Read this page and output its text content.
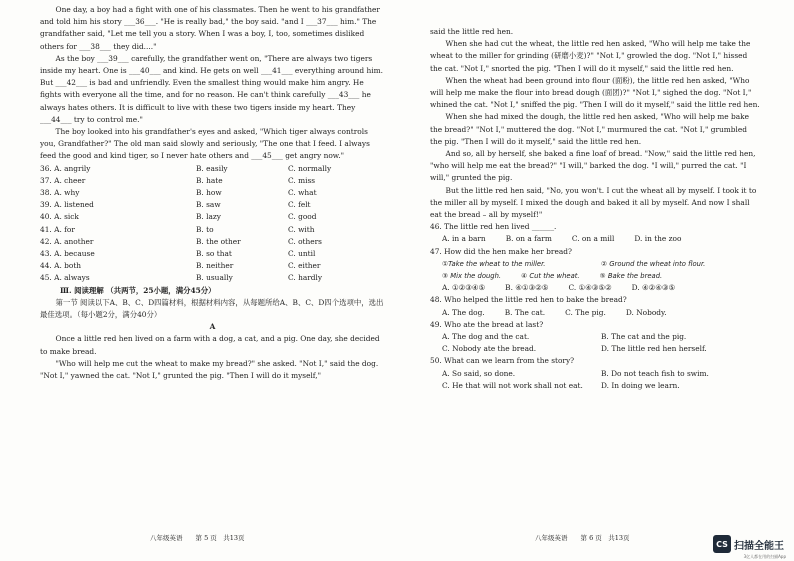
One day, a boy had a fight with one of his classmates. Then he went to his grandfather and told him his story ___36___. "He is really bad," the boy said. "and I ___37___ him." The grandfather said, "Let me tell you a story. When I was a boy, I, too, sometimes disliked others for ___38___ they did...."

As the boy ___39___ carefully, the grandfather went on, "There are always two tigers inside my heart. One is ___40___ and kind. He gets on well ___41___ everything around him. But ___42___ is bad and unfriendly. Even the smallest thing would make him angry. He fights with everyone all the time, and for no reason. He can't think carefully ___43___ he always hates others. It is difficult to live with these two tigers inside my heart. They ___44___ try to control me."

The boy looked into his grandfather's eyes and asked, "Which tiger always controls you, Grandfather?" The old man said slowly and seriously, "The one that I feed. I always feed the good and kind tiger, so I never hate others and ___45___ get angry now."

36. A. angrily	B. easily	C. normally
37. A. cheer	B. hate	C. miss
38. A. why	B. how	C. what
39. A. listened	B. saw	C. felt
40. A. sick	B. lazy	C. good
41. A. for	B. to	C. with
42. A. another	B. the other	C. others
43. A. because	B. so that	C. until
44. A. both	B. neither	C. either
45. A. always	B. usually	C. hardly

Ⅲ. 阅读理解 （共两节，25小题，满分45分）

第一节 阅读以下A、B、C、D四篇材料，根据材料内容，从每题所给A、B、C、D四个选项中，选出最佳选项。（每小题2分，满分40分）

A

Once a little red hen lived on a farm with a dog, a cat, and a pig. One day, she decided to make bread.

"Who will help me cut the wheat to make my bread?" she asked. "Not I," said the dog. "Not I," yawned the cat. "Not I," grunted the pig. "Then I will do it myself,"

八年级英语　　第 5 页　共13页

said the little red hen.

When she had cut the wheat, the little red hen asked, "Who will help me take the wheat to the miller for grinding (研磨小麦)?" "Not I," growled the dog. "Not I," hissed the cat. "Not I," snorted the pig. "Then I will do it myself," said the little red hen.

When the wheat had been ground into flour (面粉), the little red hen asked, "Who will help me make the flour into bread dough (面团)?" "Not I," sighed the dog. "Not I," whined the cat. "Not I," sniffed the pig. "Then I will do it myself," said the little red hen.

When she had mixed the dough, the little red hen asked, "Who will help me bake the bread?" "Not I," muttered the dog. "Not I," murmured the cat. "Not I," grumbled the pig. "Then I will do it myself," said the little red hen.

And so, all by herself, she baked a fine loaf of bread. "Now," said the little red hen, "who will help me eat the bread?" "I will," barked the dog. "I will," purred the cat. "I will," grunted the pig.

But the little red hen said, "No, you won't. I cut the wheat all by myself. I took it to the miller all by myself. I mixed the dough and baked it all by myself. And now I shall eat the bread – all by myself!"

46. The little red hen lived ______.

A. in a barn	B. on a farm	C. on a mill	D. in the zoo

47. How did the hen make her bread?

①Take the wheat to the miller.	② Ground the wheat into flour.
③ Mix the dough.	④ Cut the wheat.	⑤ Bake the bread.
A. ①②③④⑤	B. ④①③②⑤	C. ①④③⑤②	D. ④②④③⑤

48. Who helped the little red hen to bake the bread?

A. The dog.	B. The cat.	C. The pig.	D. Nobody.

49. Who ate the bread at last?

A. The dog and the cat.	B. The cat and the pig.
C. Nobody ate the bread.	D. The little red hen herself.

50. What can we learn from the story?

A. So said, so done.	B. Do not teach fish to swim.
C. He that will not work shall not eat.	D. In doing we learn.
八年级英语　　第 6 页　共13页
CS 扫描全能王
3亿人都在用的扫描App
